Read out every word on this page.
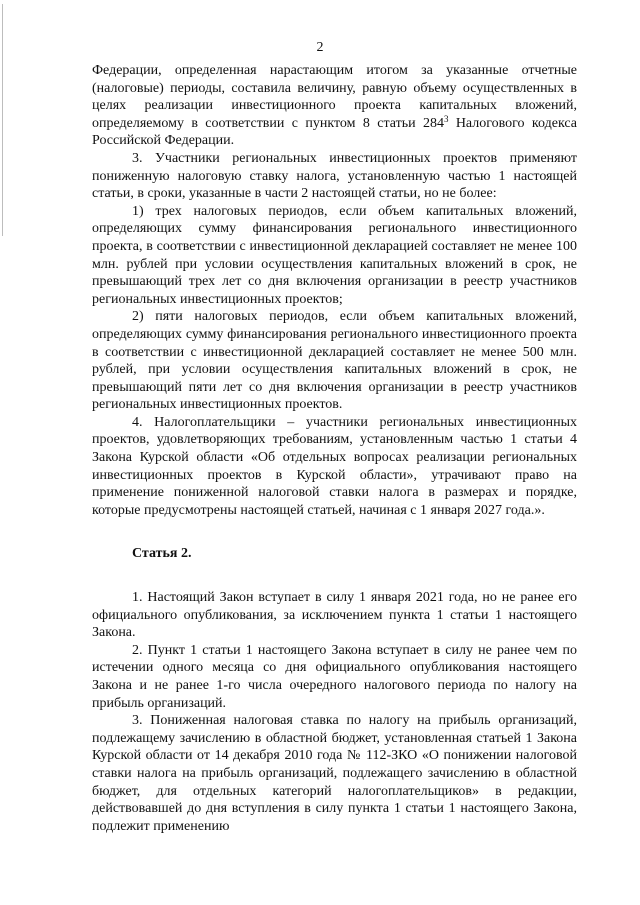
2

Федерации, определенная нарастающим итогом за указанные отчетные (налоговые) периоды, составила величину, равную объему осуществленных в целях реализации инвестиционного проекта капитальных вложений, определяемому в соответствии с пунктом 8 статьи $284^3$ Налогового кодекса Российской Федерации.

3. Участники региональных инвестиционных проектов применяют пониженную налоговую ставку налога, установленную частью 1 настоящей статьи, в сроки, указанные в части 2 настоящей статьи, но не более:

1) трех налоговых периодов, если объем капитальных вложений, определяющих сумму финансирования регионального инвестиционного проекта, в соответствии с инвестиционной декларацией составляет не менее 100 млн. рублей при условии осуществления капитальных вложений в срок, не превышающий трех лет со дня включения организации в реестр участников региональных инвестиционных проектов;

2) пяти налоговых периодов, если объем капитальных вложений, определяющих сумму финансирования регионального инвестиционного проекта в соответствии с инвестиционной декларацией составляет не менее 500 млн. рублей, при условии осуществления капитальных вложений в срок, не превышающий пяти лет со дня включения организации в реестр участников региональных инвестиционных проектов.

4. Налогоплательщики – участники региональных инвестиционных проектов, удовлетворяющих требованиям, установленным частью 1 статьи 4 Закона Курской области «Об отдельных вопросах реализации региональных инвестиционных проектов в Курской области», утрачивают право на применение пониженной налоговой ставки налога в размерах и порядке, которые предусмотрены настоящей статьей, начиная с 1 января 2027 года.».

Статья 2.

1. Настоящий Закон вступает в силу 1 января 2021 года, но не ранее его официального опубликования, за исключением пункта 1 статьи 1 настоящего Закона.

2. Пункт 1 статьи 1 настоящего Закона вступает в силу не ранее чем по истечении одного месяца со дня официального опубликования настоящего Закона и не ранее 1-го числа очередного налогового периода по налогу на прибыль организаций.

3. Пониженная налоговая ставка по налогу на прибыль организаций, подлежащему зачислению в областной бюджет, установленная статьей 1 Закона Курской области от 14 декабря 2010 года № 112-ЗКО «О понижении налоговой ставки налога на прибыль организаций, подлежащего зачислению в областной бюджет, для отдельных категорий налогоплательщиков» в редакции, действовавшей до дня вступления в силу пункта 1 статьи 1 настоящего Закона, подлежит применению
